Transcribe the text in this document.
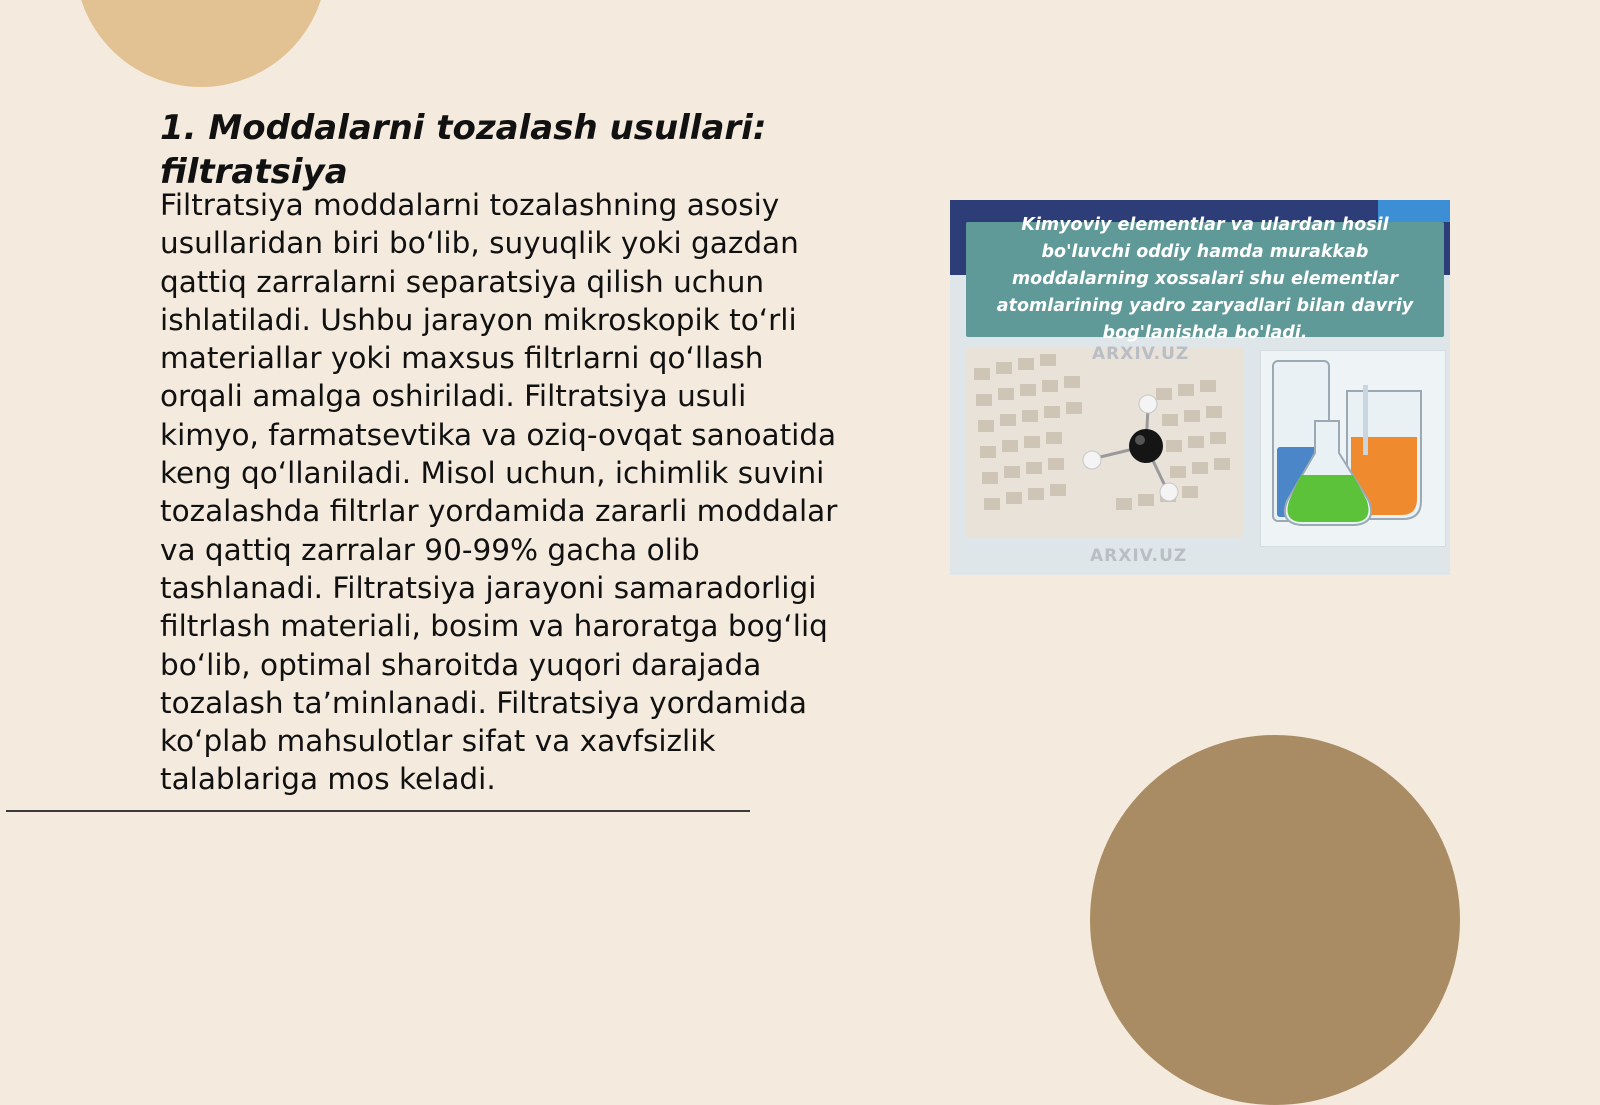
1. Moddalarni tozalash usullari: filtratsiya

Filtratsiya moddalarni tozalashning asosiy usullaridan biri bo‘lib, suyuqlik yoki gazdan qattiq zarralarni separatsiya qilish uchun ishlatiladi. Ushbu jarayon mikroskopik to‘rli materiallar yoki maxsus filtrlarni qo‘llash orqali amalga oshiriladi. Filtratsiya usuli kimyo, farmatsevtika va oziq-ovqat sanoatida keng qo‘llaniladi. Misol uchun, ichimlik suvini tozalashda filtrlar yordamida zararli moddalar va qattiq zarralar 90-99% gacha olib tashlanadi. Filtratsiya jarayoni samaradorligi filtrlash materiali, bosim va haroratga bog‘liq bo‘lib, optimal sharoitda yuqori darajada tozalash ta’minlanadi. Filtratsiya yordamida ko‘plab mahsulotlar sifat va xavfsizlik talablariga mos keladi.

Kimyoviy elementlar va ulardan hosil bo'luvchi oddiy hamda murakkab moddalarning xossalari shu elementlar atomlarining yadro zaryadlari bilan davriy bog'lanishda bo'ladi.
ARXIV.UZ
ARXIV.UZ
